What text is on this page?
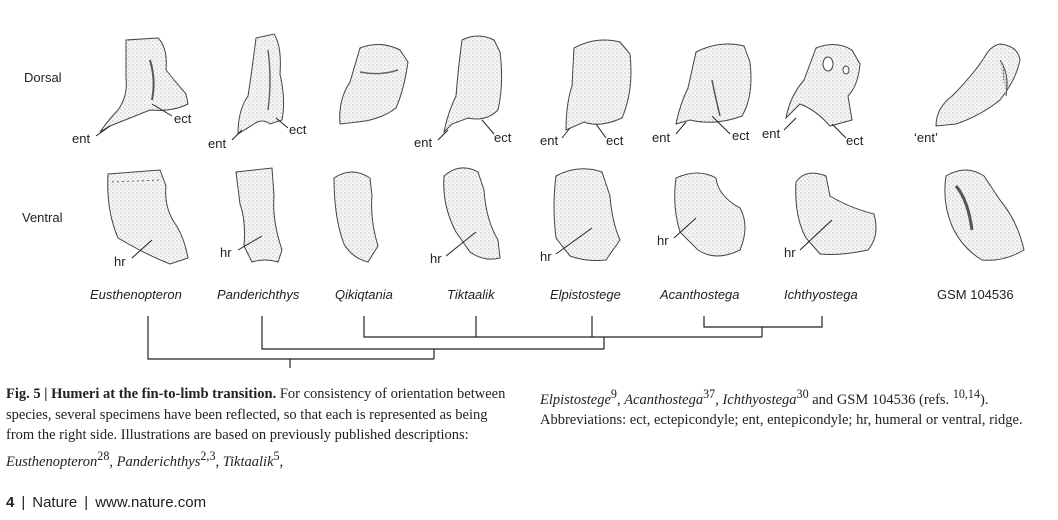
Dorsal
Ventral
ent
ect
ent
ect
ent	ect ent	ect ent	ect ent	ect	‘ent’
hr
hr	hr	hr
hr
hr
Eusthenopteron	Panderichthys	Qikiqtania	Tiktaalik	Elpistostege	Acanthostega	Ichthyostega	GSM 104536
Fig. 5 | Humeri at the fin-to-limb transition. For consistency of orientation between species, several specimens have been reflected, so that each is represented as being from the right side. Illustrations are based on previously published descriptions: Eusthenopteron$^{28}$, Panderichthys$^{2,3}$, Tiktaalik$^5$,
Elpistostege$^9$, Acanthostega$^{37}$, Ichthyostega$^{30}$ and GSM 104536 (refs. $^{10,14}$).
Abbreviations: ect, ectepicondyle; ent, entepicondyle; hr, humeral or ventral, ridge.
4 | Nature | www.nature.com
